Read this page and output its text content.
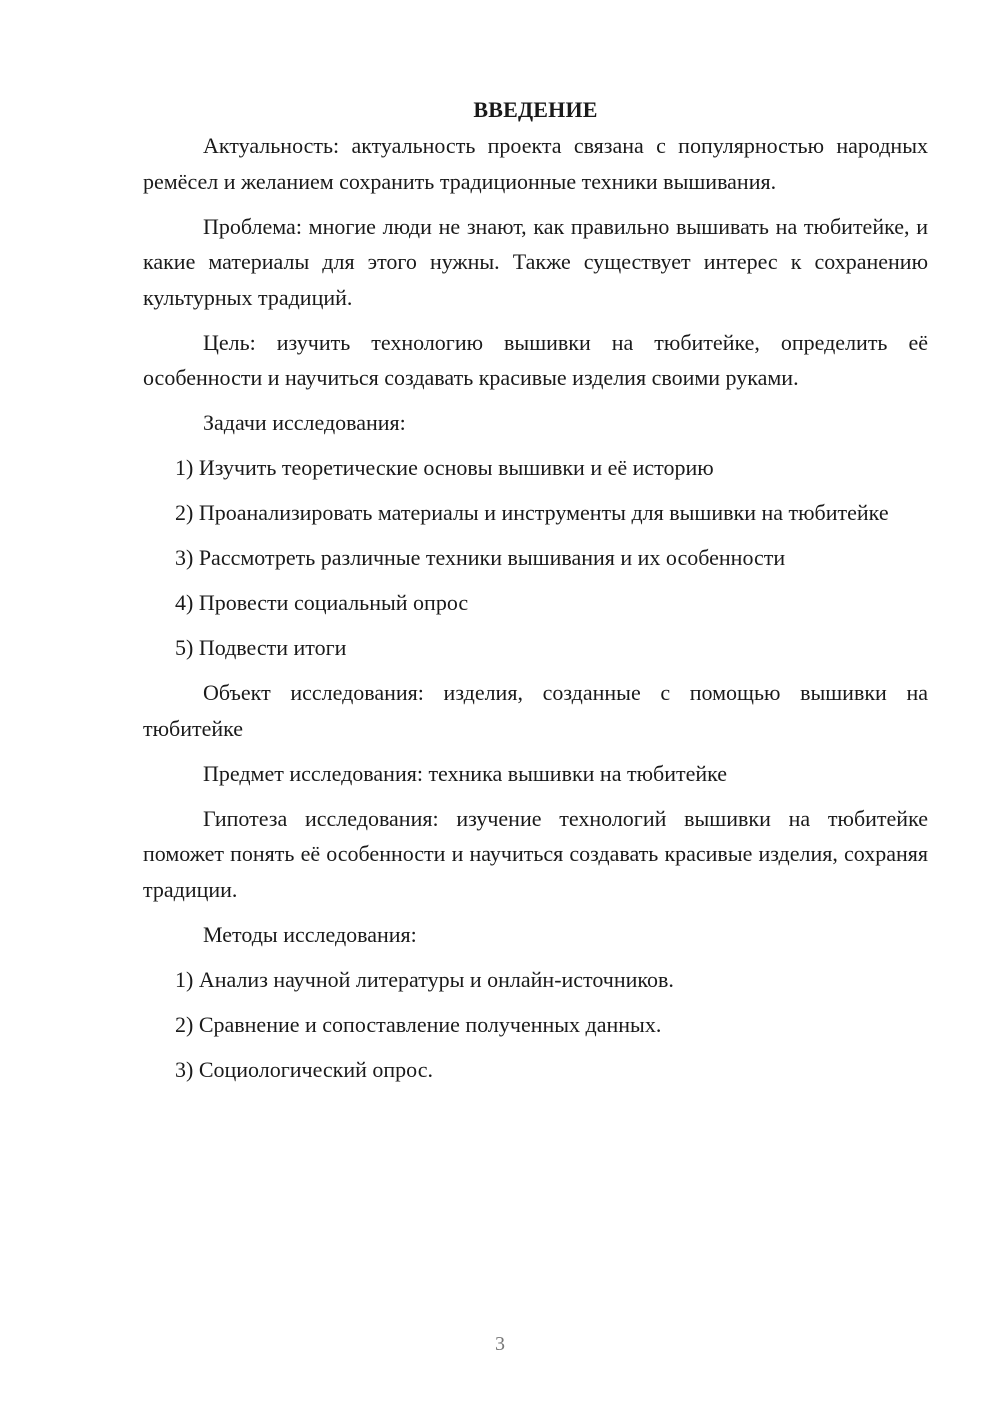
ВВЕДЕНИЕ

Актуальность: актуальность проекта связана с популярностью народных ремёсел и желанием сохранить традиционные техники вышивания.

Проблема: многие люди не знают, как правильно вышивать на тюбитейке, и какие материалы для этого нужны. Также существует интерес к сохранению культурных традиций.

Цель: изучить технологию вышивки на тюбитейке, определить её особенности и научиться создавать красивые изделия своими руками.

Задачи исследования:

1) Изучить теоретические основы вышивки и её историю

2) Проанализировать материалы и инструменты для вышивки на тюбитейке

3) Рассмотреть различные техники вышивания и их особенности

4) Провести социальный опрос

5) Подвести итоги

Объект исследования: изделия, созданные с помощью вышивки на тюбитейке

Предмет исследования: техника вышивки на тюбитейке

Гипотеза исследования: изучение технологий вышивки на тюбитейке поможет понять её особенности и научиться создавать красивые изделия, сохраняя традиции.

Методы исследования:

1) Анализ научной литературы и онлайн-источников.

2) Сравнение и сопоставление полученных данных.

3) Социологический опрос.

3
